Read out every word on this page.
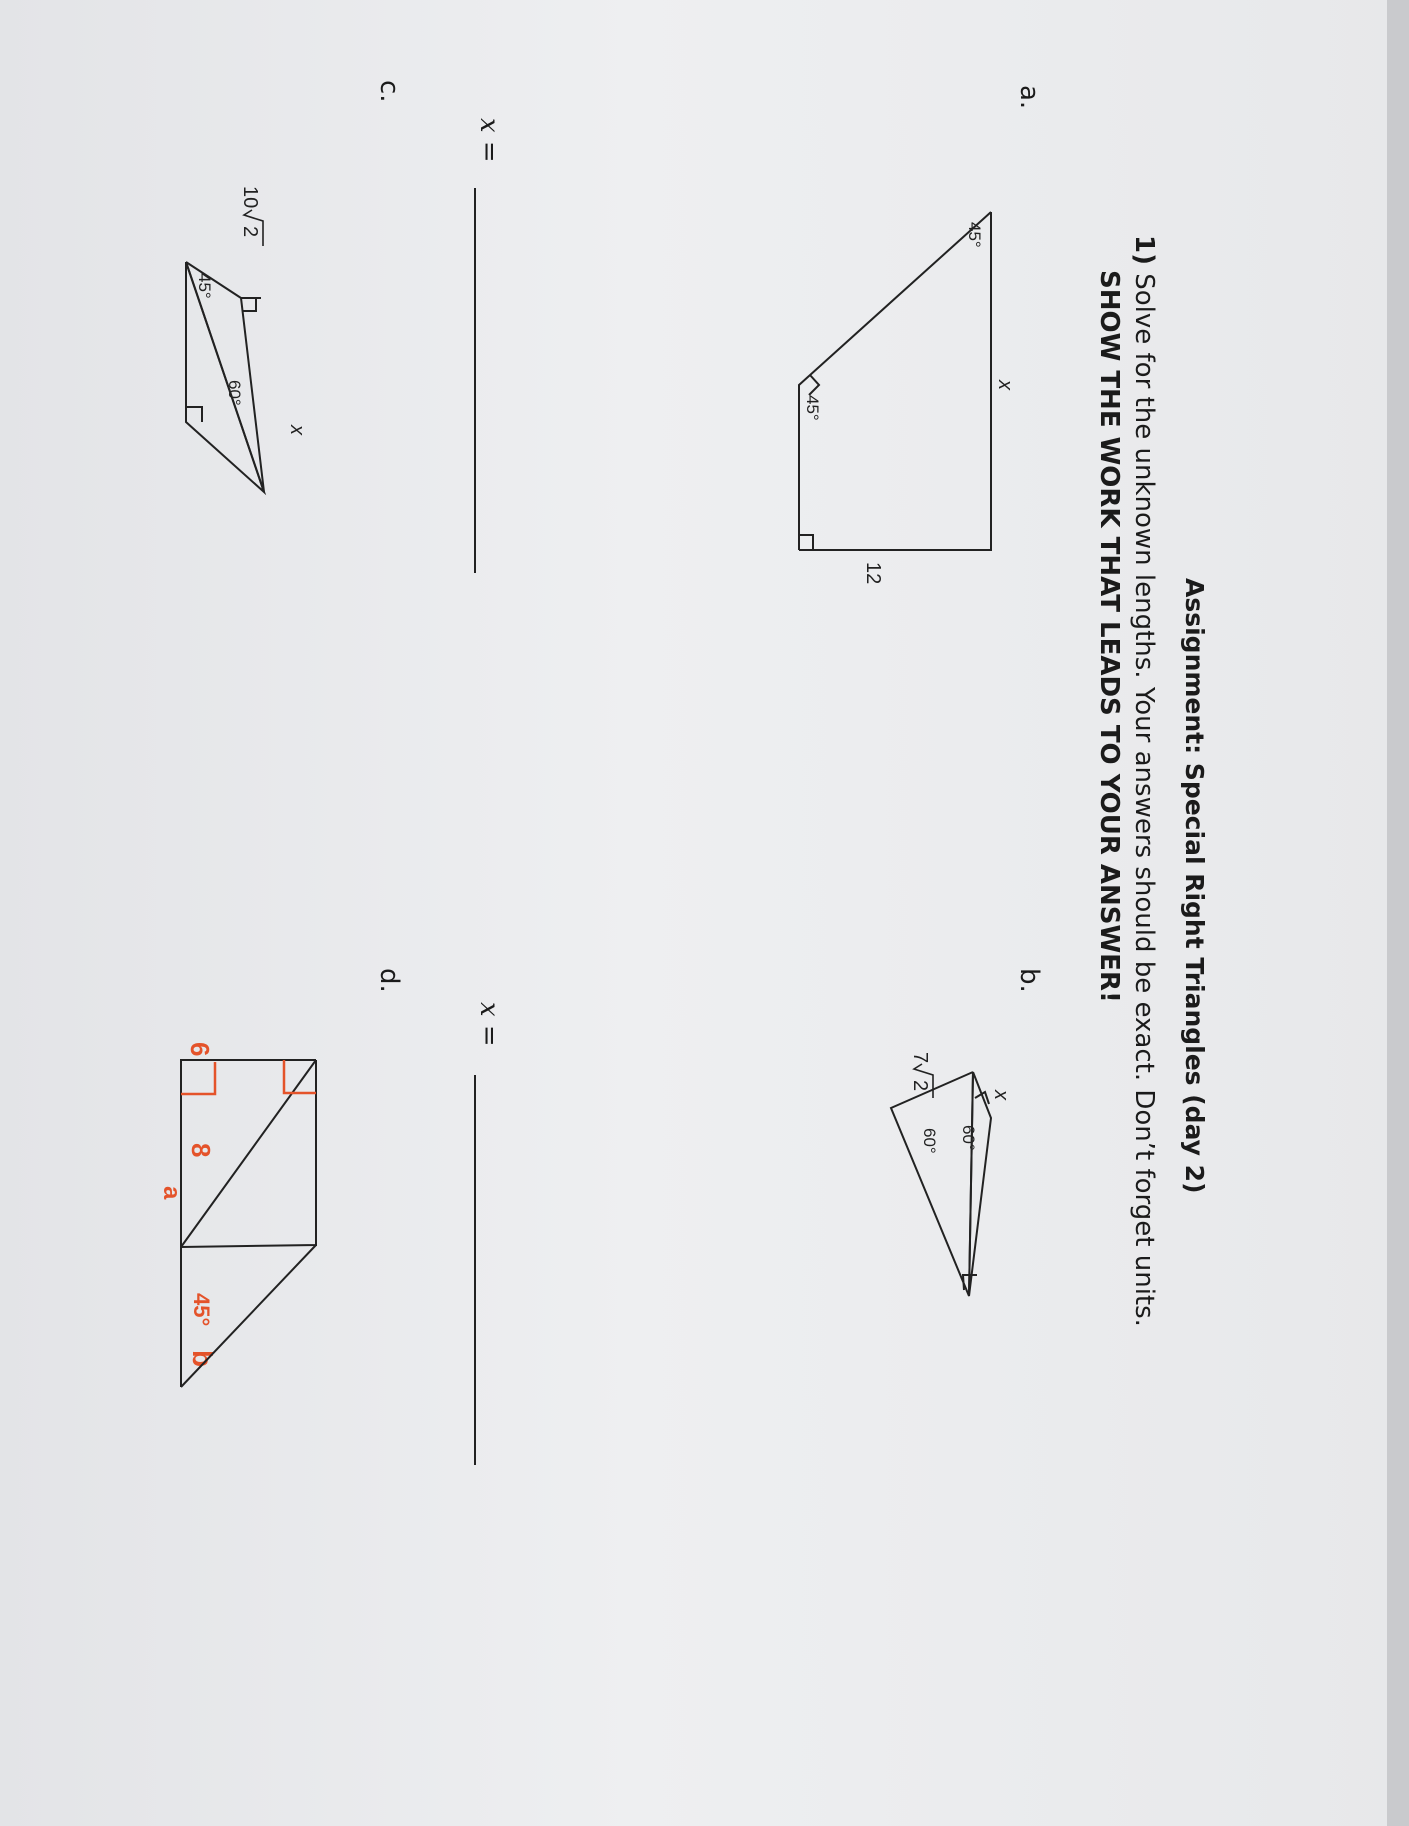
Assignment: Special Right Triangles (day 2)
1) Solve for the unknown lengths. Your answers should be exact. Don’t forget units.
SHOW THE WORK THAT LEADS TO YOUR ANSWER!
a.
b.
c.
d.
x =
x =
45°
45°
x
12
60°
60°
x
7
2
10
2
45°
60°
x
6
8
a
b
45°
